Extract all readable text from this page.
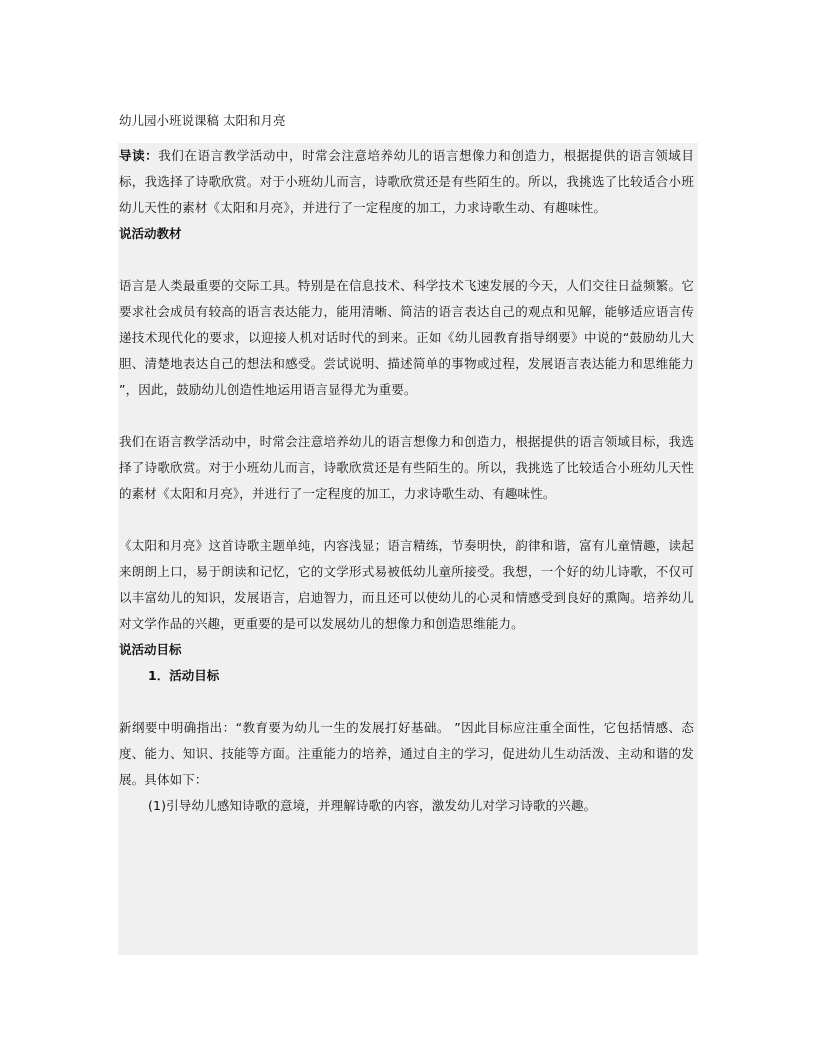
幼儿园小班说课稿 太阳和月亮

导读：我们在语言教学活动中，时常会注意培养幼儿的语言想像力和创造力，根据提供的语言领域目标，我选择了诗歌欣赏。对于小班幼儿而言，诗歌欣赏还是有些陌生的。所以，我挑选了比较适合小班幼儿天性的素材《太阳和月亮》，并进行了一定程度的加工，力求诗歌生动、有趣味性。

说活动教材

语言是人类最重要的交际工具。特别是在信息技术、科学技术飞速发展的今天，人们交往日益频繁。它要求社会成员有较高的语言表达能力，能用清晰、简洁的语言表达自己的观点和见解，能够适应语言传递技术现代化的要求，以迎接人机对话时代的到来。正如《幼儿园教育指导纲要》中说的“鼓励幼儿大胆、清楚地表达自己的想法和感受。尝试说明、描述简单的事物或过程，发展语言表达能力和思维能力 ”，因此，鼓励幼儿创造性地运用语言显得尤为重要。

我们在语言教学活动中，时常会注意培养幼儿的语言想像力和创造力，根据提供的语言领域目标，我选择了诗歌欣赏。对于小班幼儿而言，诗歌欣赏还是有些陌生的。所以，我挑选了比较适合小班幼儿天性的素材《太阳和月亮》，并进行了一定程度的加工，力求诗歌生动、有趣味性。

《太阳和月亮》这首诗歌主题单纯，内容浅显；语言精练，节奏明快，韵律和谐，富有儿童情趣，读起来朗朗上口，易于朗读和记忆，它的文学形式易被低幼儿童所接受。我想，一个好的幼儿诗歌，不仅可以丰富幼儿的知识，发展语言，启迪智力，而且还可以使幼儿的心灵和情感受到良好的熏陶。培养幼儿对文学作品的兴趣，更重要的是可以发展幼儿的想像力和创造思维能力。

说活动目标

1．活动目标

新纲要中明确指出：“教育要为幼儿一生的发展打好基础。 ”因此目标应注重全面性，它包括情感、态度、能力、知识、技能等方面。注重能力的培养，通过自主的学习，促进幼儿生动活泼、主动和谐的发展。具体如下：

(1)引导幼儿感知诗歌的意境，并理解诗歌的内容，激发幼儿对学习诗歌的兴趣。
